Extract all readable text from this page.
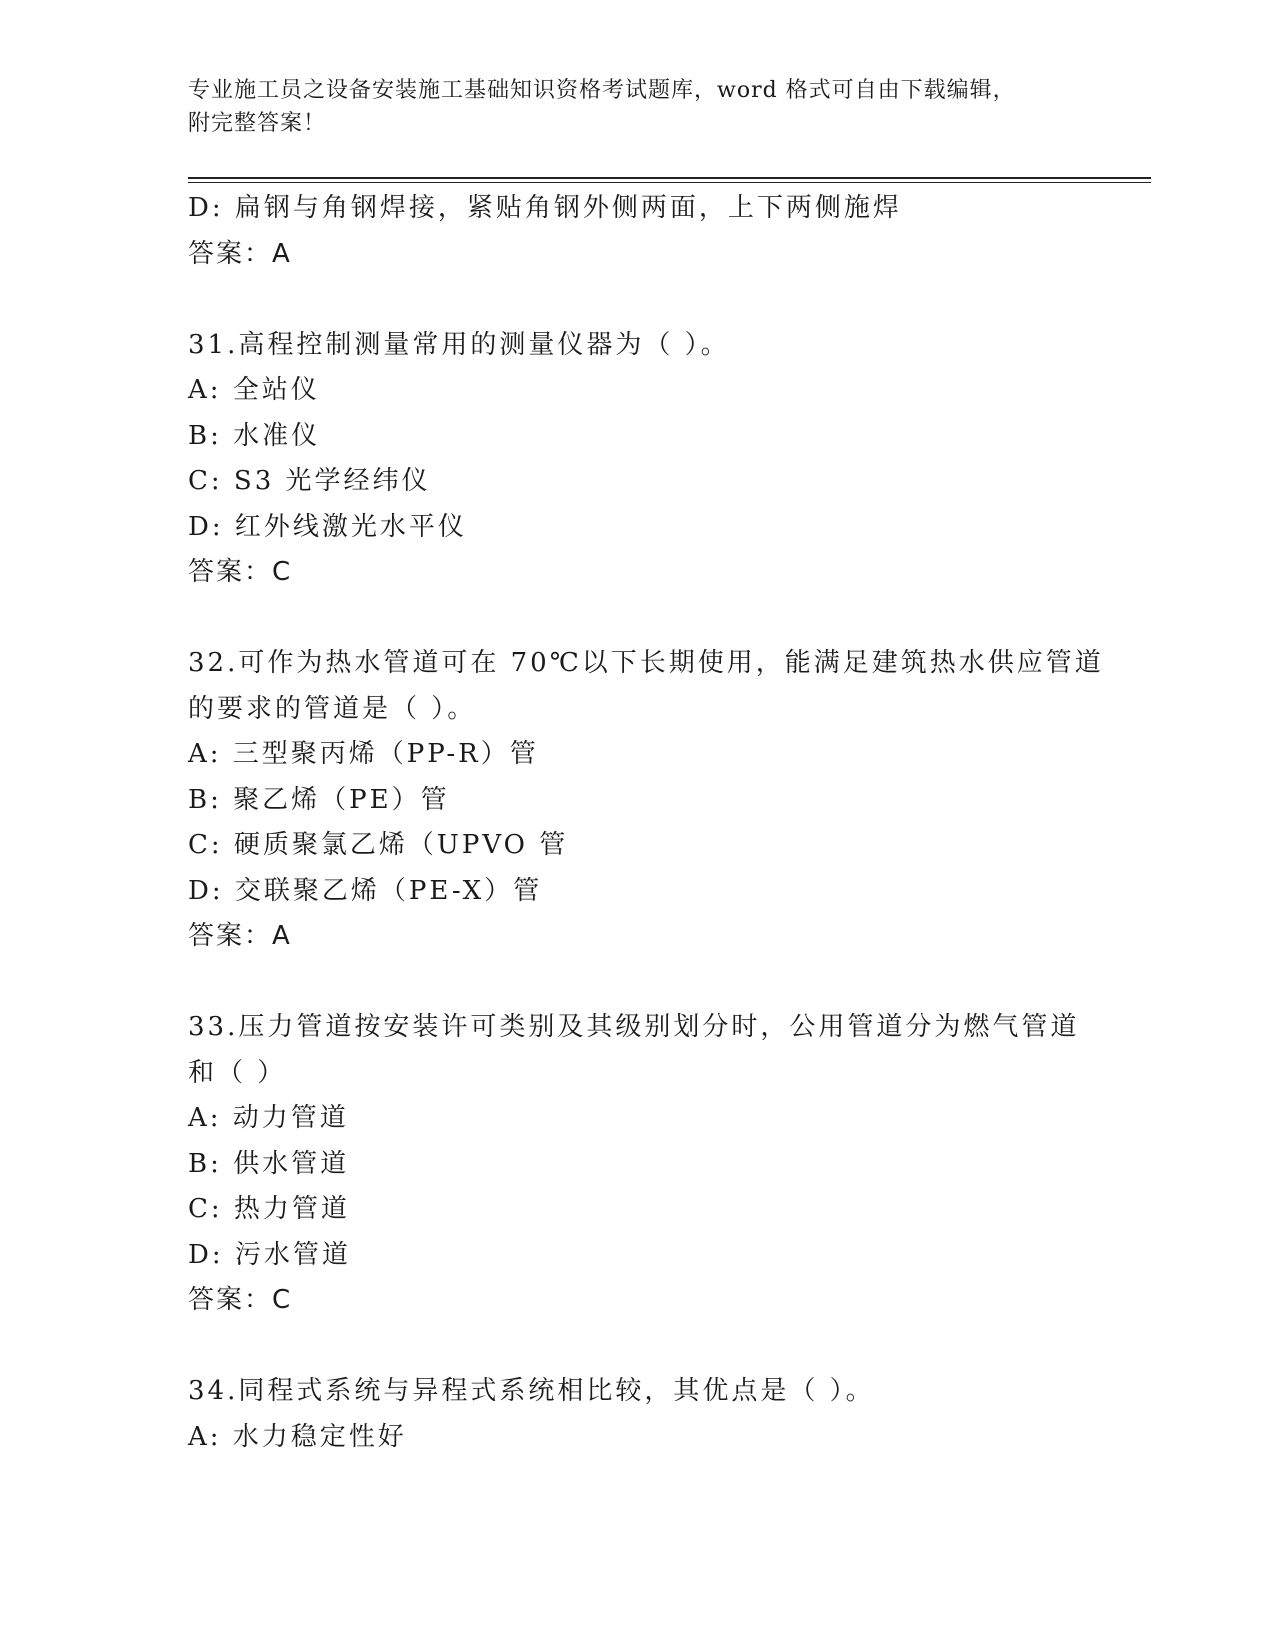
专业施工员之设备安装施工基础知识资格考试题库，word 格式可自由下载编辑，
附完整答案！
D: 扁钢与角钢焊接，紧贴角钢外侧两面，上下两侧施焊
答案：A
31.高程控制测量常用的测量仪器为（ ）。
A: 全站仪
B: 水准仪
C: S3 光学经纬仪
D: 红外线激光水平仪
答案：C
32.可作为热水管道可在 70℃以下长期使用，能满足建筑热水供应管道
的要求的管道是（ ）。
A: 三型聚丙烯（PP-R）管
B: 聚乙烯（PE）管
C: 硬质聚氯乙烯（UPVO 管
D: 交联聚乙烯（PE-X）管
答案：A
33.压力管道按安装许可类别及其级别划分时，公用管道分为燃气管道
和（ ）
A: 动力管道
B: 供水管道
C: 热力管道
D: 污水管道
答案：C
34.同程式系统与异程式系统相比较，其优点是（ ）。
A: 水力稳定性好
